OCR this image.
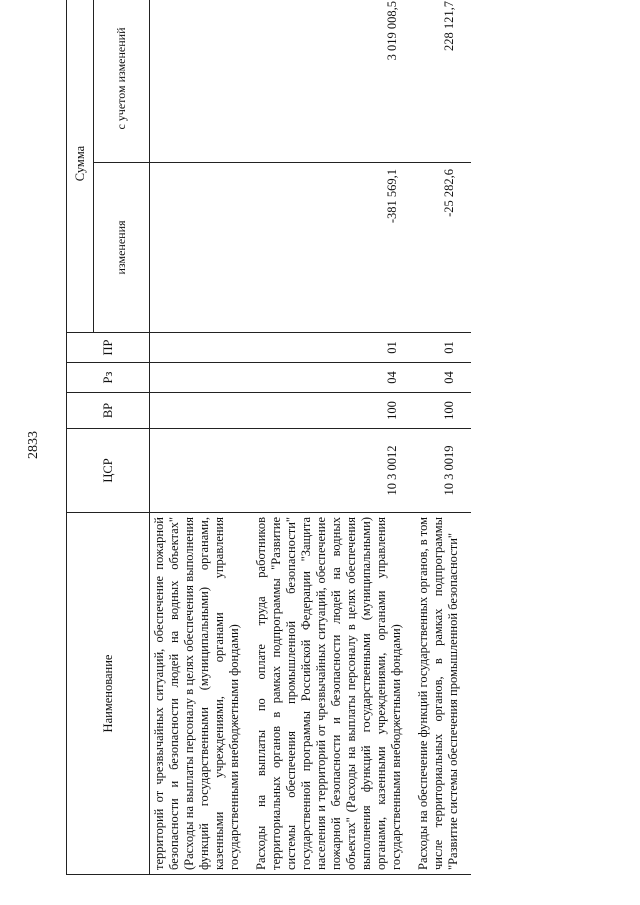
2833
Наименование	ЦСР	ВР	Рз	ПР	Сумма	
					изменения	с учетом изменений
территорий от чрезвычайных ситуаций, обеспечение пожарной безопасности и безопасности людей на водных объектах" (Расходы на выплаты персоналу в целях обеспечения выполнения функций государственными (муниципальными) органами, казенными учреждениями, органами управления государственными внебюджетными фондами)						
Расходы на выплаты по оплате труда работников территориальных органов в рамках подпрограммы "Развитие системы обеспечения промышленной безопасности" государственной программы Российской Федерации "Защита населения и территорий от чрезвычайных ситуаций, обеспечение пожарной безопасности и безопасности людей на водных объектах" (Расходы на выплаты персоналу в целях обеспечения выполнения функций государственными (муниципальными) органами, казенными учреждениями, органами управления государственными внебюджетными фондами)	10 3 0012	100	04	01	-381 569,1	3 019 008,5
Расходы на обеспечение функций государственных органов, в том числе территориальных органов, в рамках подпрограммы "Развитие системы обеспечения промышленной безопасности"	10 3 0019	100	04	01	-25 282,6	228 121,7
